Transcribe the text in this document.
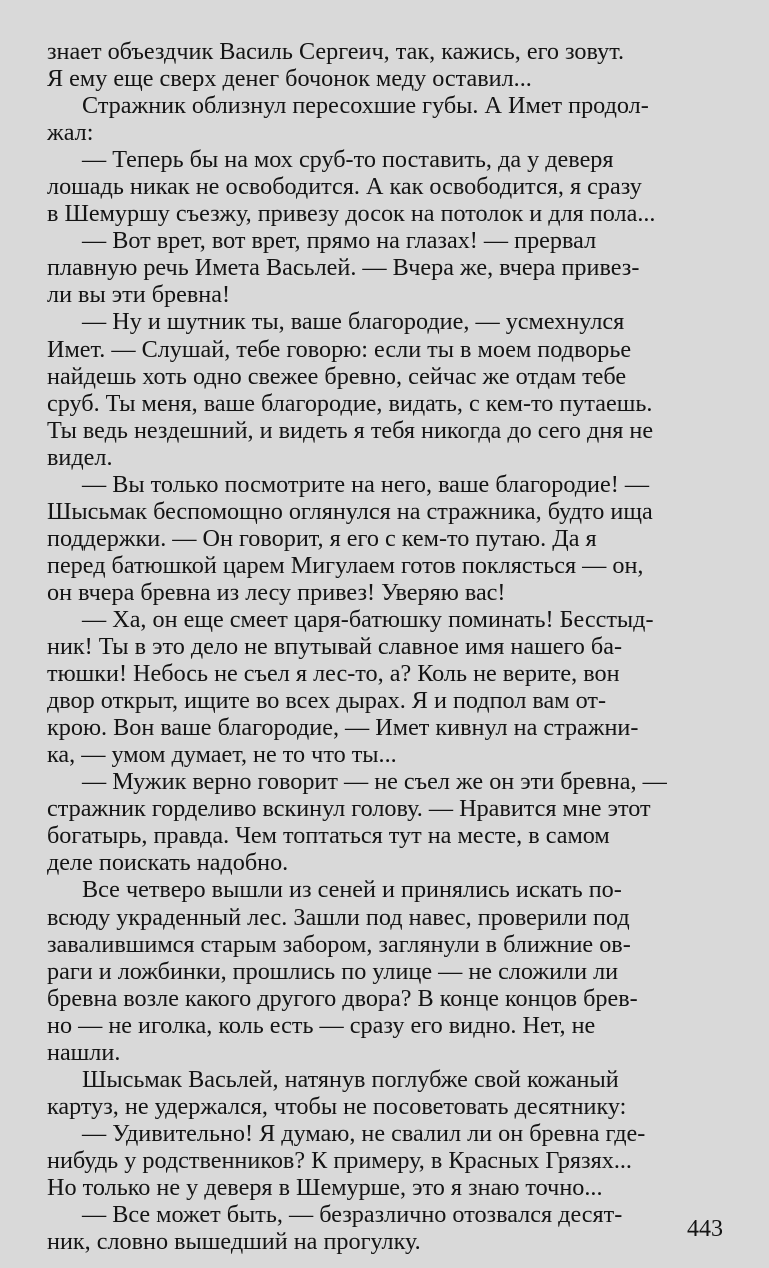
знает объездчик Василь Сергеич, так, кажись, его зовут.
Я ему еще сверх денег бочонок меду оставил...

Стражник облизнул пересохшие губы. А Имет продол-
жал:

— Теперь бы на мох сруб-то поставить, да у деверя
лошадь никак не освободится. А как освободится, я сразу
в Шемуршу съезжу, привезу досок на потолок и для пола...

— Вот врет, вот врет, прямо на глазах! — прервал
плавную речь Имета Васьлей. — Вчера же, вчера привез-
ли вы эти бревна!

— Ну и шутник ты, ваше благородие, — усмехнулся
Имет. — Слушай, тебе говорю: если ты в моем подворье
найдешь хоть одно свежее бревно, сейчас же отдам тебе
сруб. Ты меня, ваше благородие, видать, с кем-то путаешь.
Ты ведь нездешний, и видеть я тебя никогда до сего дня не
видел.

— Вы только посмотрите на него, ваше благородие! —
Шысьмак беспомощно оглянулся на стражника, будто ища
поддержки. — Он говорит, я его с кем-то путаю. Да я
перед батюшкой царем Мигулаем готов поклясться — он,
он вчера бревна из лесу привез! Уверяю вас!

— Ха, он еще смеет царя-батюшку поминать! Бесстыд-
ник! Ты в это дело не впутывай славное имя нашего ба-
тюшки! Небось не съел я лес-то, а? Коль не верите, вон
двор открыт, ищите во всех дырах. Я и подпол вам от-
крою. Вон ваше благородие, — Имет кивнул на стражни-
ка, — умом думает, не то что ты...

— Мужик верно говорит — не съел же он эти бревна, —
стражник горделиво вскинул голову. — Нравится мне этот
богатырь, правда. Чем топтаться тут на месте, в самом
деле поискать надобно.

Все четверо вышли из сеней и принялись искать по-
всюду украденный лес. Зашли под навес, проверили под
завалившимся старым забором, заглянули в ближние ов-
раги и ложбинки, прошлись по улице — не сложили ли
бревна возле какого другого двора? В конце концов брев-
но — не иголка, коль есть — сразу его видно. Нет, не
нашли.

Шысьмак Васьлей, натянув поглубже свой кожаный
картуз, не удержался, чтобы не посоветовать десятнику:

— Удивительно! Я думаю, не свалил ли он бревна где-
нибудь у родственников? К примеру, в Красных Грязях...
Но только не у деверя в Шемурше, это я знаю точно...

— Все может быть, — безразлично отозвался десят-
ник, словно вышедший на прогулку.	443
